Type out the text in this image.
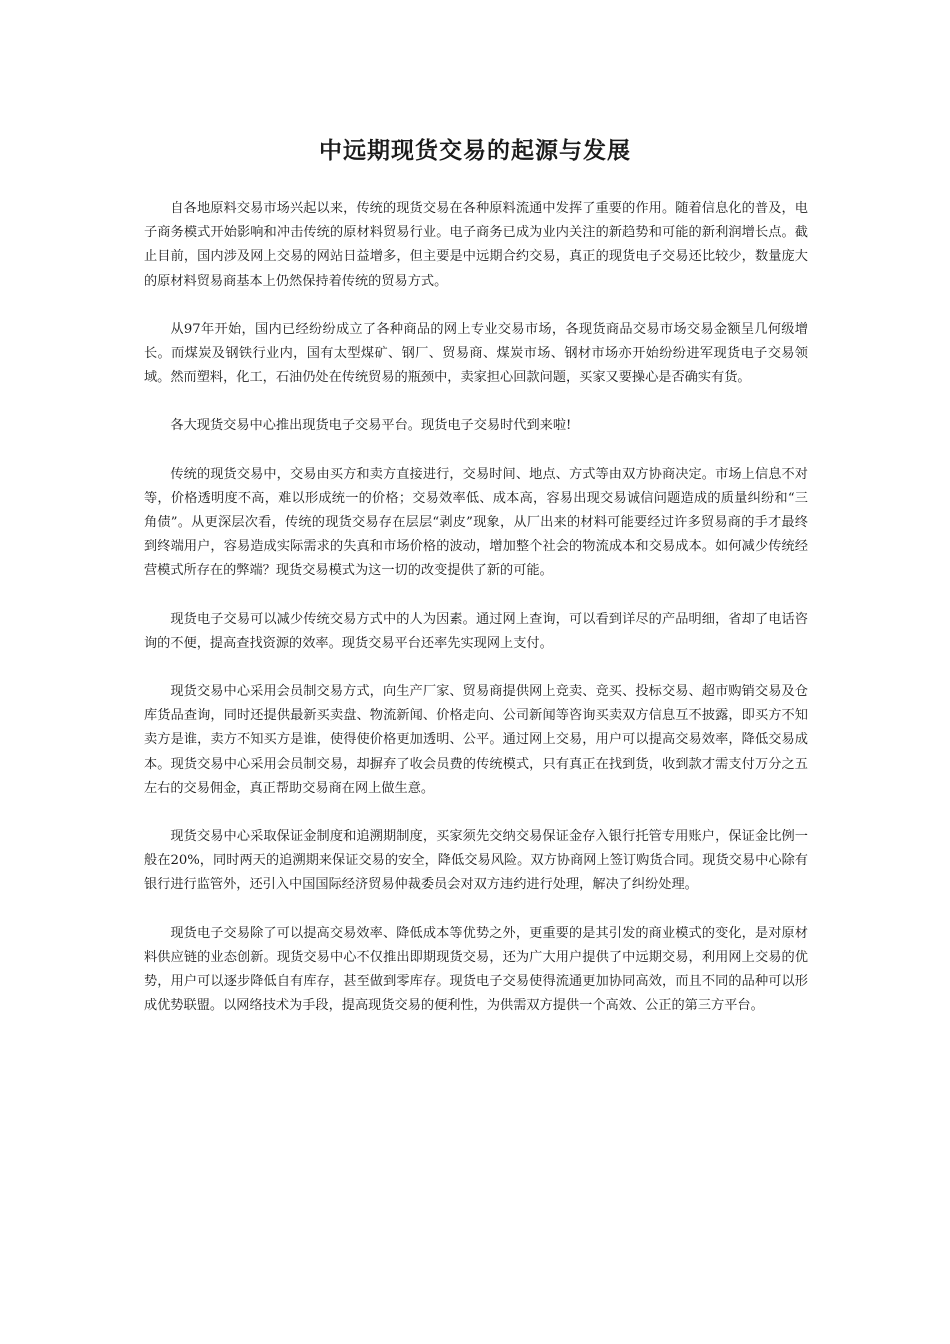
中远期现货交易的起源与发展

自各地原料交易市场兴起以来，传统的现货交易在各种原料流通中发挥了重要的作用。随着信息化的普及，电子商务模式开始影响和冲击传统的原材料贸易行业。电子商务已成为业内关注的新趋势和可能的新利润增长点。截止目前，国内涉及网上交易的网站日益增多，但主要是中远期合约交易，真正的现货电子交易还比较少，数量庞大的原材料贸易商基本上仍然保持着传统的贸易方式。

从97年开始，国内已经纷纷成立了各种商品的网上专业交易市场，各现货商品交易市场交易金额呈几何级增长。而煤炭及钢铁行业内，国有太型煤矿、钢厂、贸易商、煤炭市场、钢材市场亦开始纷纷进军现货电子交易领域。然而塑料，化工，石油仍处在传统贸易的瓶颈中，卖家担心回款问题，买家又要操心是否确实有货。

各大现货交易中心推出现货电子交易平台。现货电子交易时代到来啦!

传统的现货交易中，交易由买方和卖方直接进行，交易时间、地点、方式等由双方协商决定。市场上信息不对等，价格透明度不高，难以形成统一的价格；交易效率低、成本高，容易出现交易诚信问题造成的质量纠纷和“三角债”。从更深层次看，传统的现货交易存在层层“剥皮”现象，从厂出来的材料可能要经过许多贸易商的手才最终到终端用户，容易造成实际需求的失真和市场价格的波动，增加整个社会的物流成本和交易成本。如何减少传统经营模式所存在的弊端？现货交易模式为这一切的改变提供了新的可能。

现货电子交易可以减少传统交易方式中的人为因素。通过网上查询，可以看到详尽的产品明细，省却了电话咨询的不便，提高查找资源的效率。现货交易平台还率先实现网上支付。

现货交易中心采用会员制交易方式，向生产厂家、贸易商提供网上竞卖、竞买、投标交易、超市购销交易及仓库货品查询，同时还提供最新买卖盘、物流新闻、价格走向、公司新闻等咨询买卖双方信息互不披露，即买方不知卖方是谁，卖方不知买方是谁，使得使价格更加透明、公平。通过网上交易，用户可以提高交易效率，降低交易成本。现货交易中心采用会员制交易，却摒弃了收会员费的传统模式，只有真正在找到货，收到款才需支付万分之五左右的交易佣金，真正帮助交易商在网上做生意。

现货交易中心采取保证金制度和追溯期制度，买家须先交纳交易保证金存入银行托管专用账户，保证金比例一般在20%，同时两天的追溯期来保证交易的安全，降低交易风险。双方协商网上签订购货合同。现货交易中心除有银行进行监管外，还引入中国国际经济贸易仲裁委员会对双方违约进行处理，解决了纠纷处理。

现货电子交易除了可以提高交易效率、降低成本等优势之外，更重要的是其引发的商业模式的变化，是对原材料供应链的业态创新。现货交易中心不仅推出即期现货交易，还为广大用户提供了中远期交易，利用网上交易的优势，用户可以逐步降低自有库存，甚至做到零库存。现货电子交易使得流通更加协同高效，而且不同的品种可以形成优势联盟。以网络技术为手段，提高现货交易的便利性，为供需双方提供一个高效、公正的第三方平台。
